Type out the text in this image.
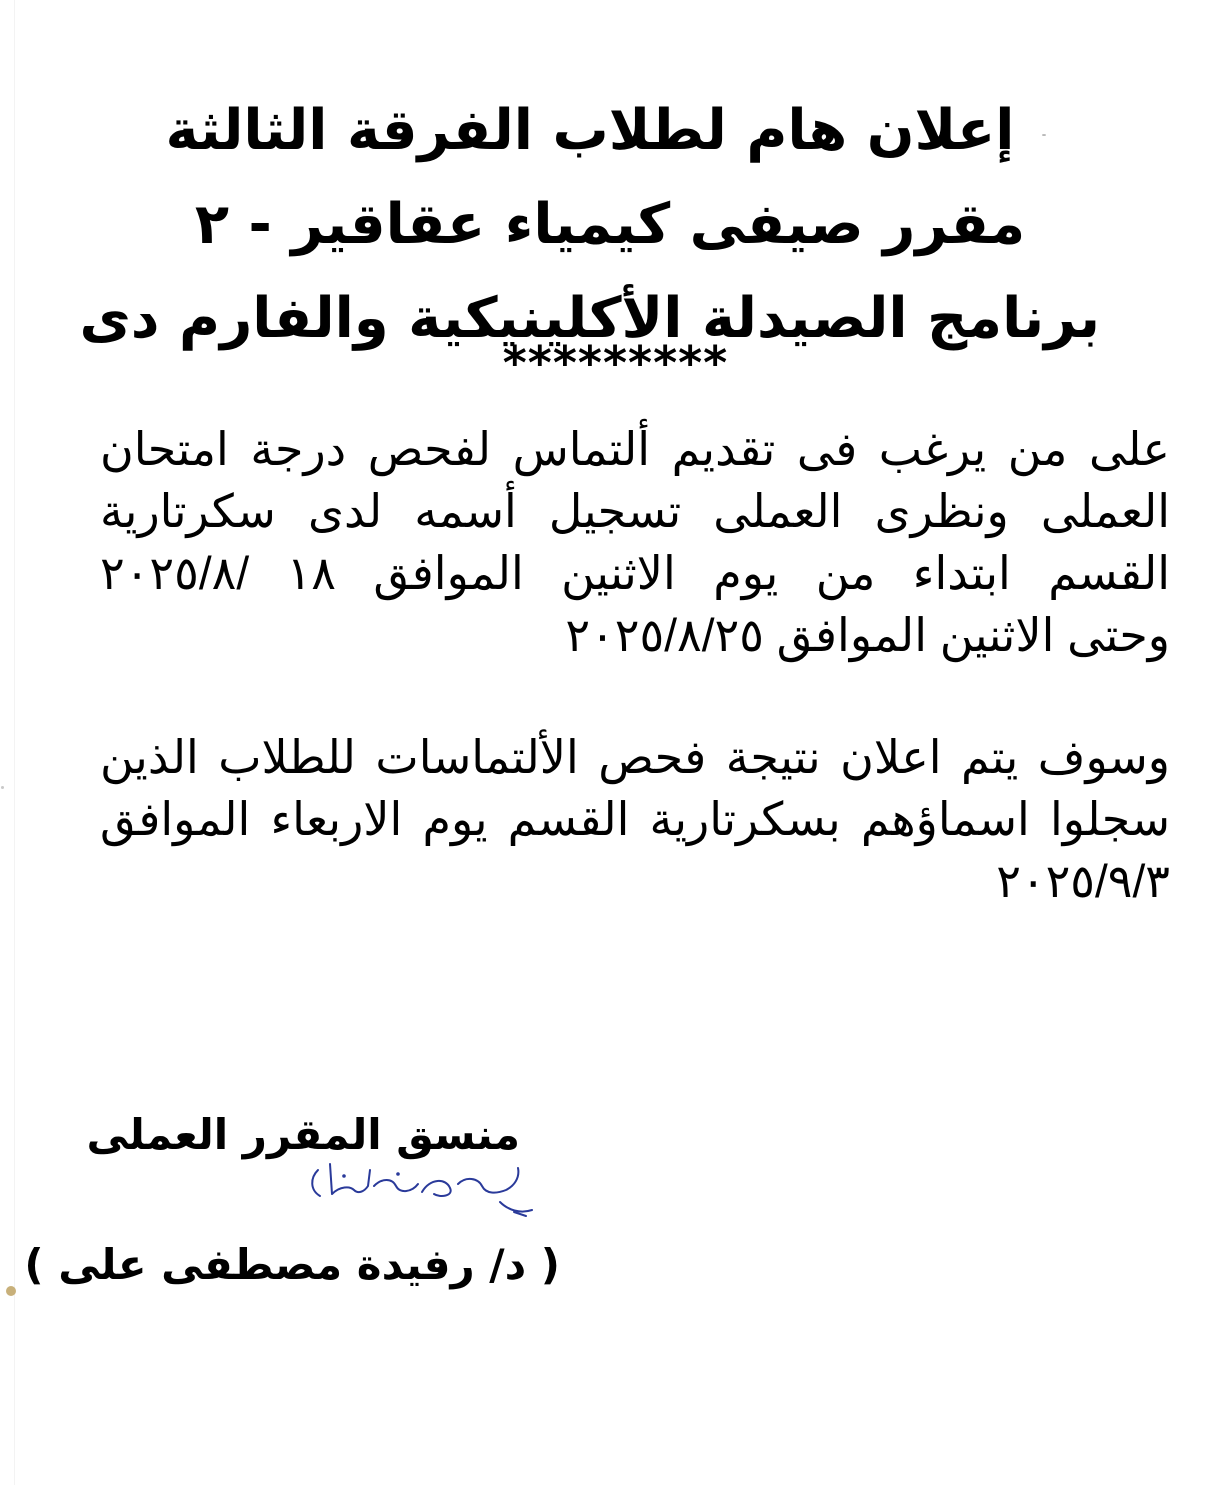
إعلان هام لطلاب الفرقة الثالثة
مقرر صيفى كيمياء عقاقير - ٢
برنامج الصيدلة الأكلينيكية والفارم دى
*********
على من يرغب فى تقديم ألتماس لفحص درجة امتحان
العملى ونظرى العملى تسجيل أسمه لدى سكرتارية
القسم ابتداء من يوم الاثنين الموافق ١٨ /٢٠٢٥/٨
وحتى الاثنين الموافق ٢٠٢٥/٨/٢٥
وسوف يتم اعلان نتيجة فحص الألتماسات للطلاب الذين
سجلوا اسماؤهم بسكرتارية القسم يوم الاربعاء الموافق
٢٠٢٥/٩/٣
منسق المقرر العملى
( د/ رفيدة مصطفى على )
